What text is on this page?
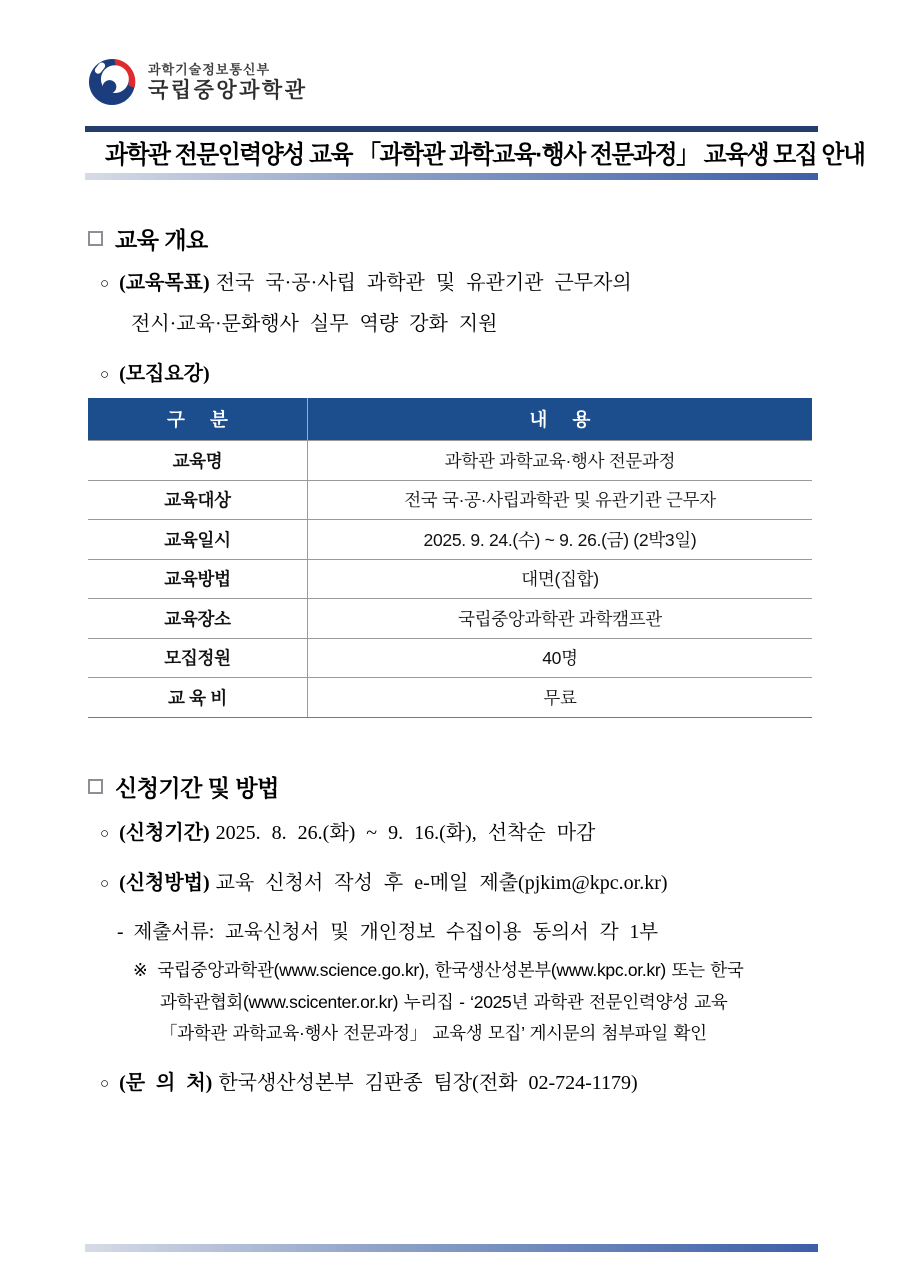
과학기술정보통신부
국립중앙과학관
과학관 전문인력양성 교육 「과학관 과학교육·행사 전문과정」 교육생 모집 안내
교육 개요
○ (교육목표) 전국 국·공·사립 과학관 및 유관기관 근무자의
전시·교육·문화행사 실무 역량 강화 지원
○ (모집요강)
구 분	내 용
교육명	과학관 과학교육·행사 전문과정
교육대상	전국 국·공·사립과학관 및 유관기관 근무자
교육일시	2025. 9. 24.(수) ~ 9. 26.(금) (2박3일)
교육방법	대면(집합)
교육장소	국립중앙과학관 과학캠프관
모집정원	40명
교 육 비	무료
신청기간 및 방법
○ (신청기간) 2025. 8. 26.(화) ~ 9. 16.(화), 선착순 마감
○ (신청방법) 교육 신청서 작성 후 e-메일 제출(pjkim@kpc.or.kr)
- 제출서류: 교육신청서 및 개인정보 수집이용 동의서 각 1부
※ 국립중앙과학관(www.science.go.kr), 한국생산성본부(www.kpc.or.kr) 또는 한국
과학관협회(www.scicenter.or.kr) 누리집 - ‘2025년 과학관 전문인력양성 교육
「과학관 과학교육·행사 전문과정」 교육생 모집’ 게시문의 첨부파일 확인
○ (문 의 처) 한국생산성본부 김판종 팀장(전화 02-724-1179)
